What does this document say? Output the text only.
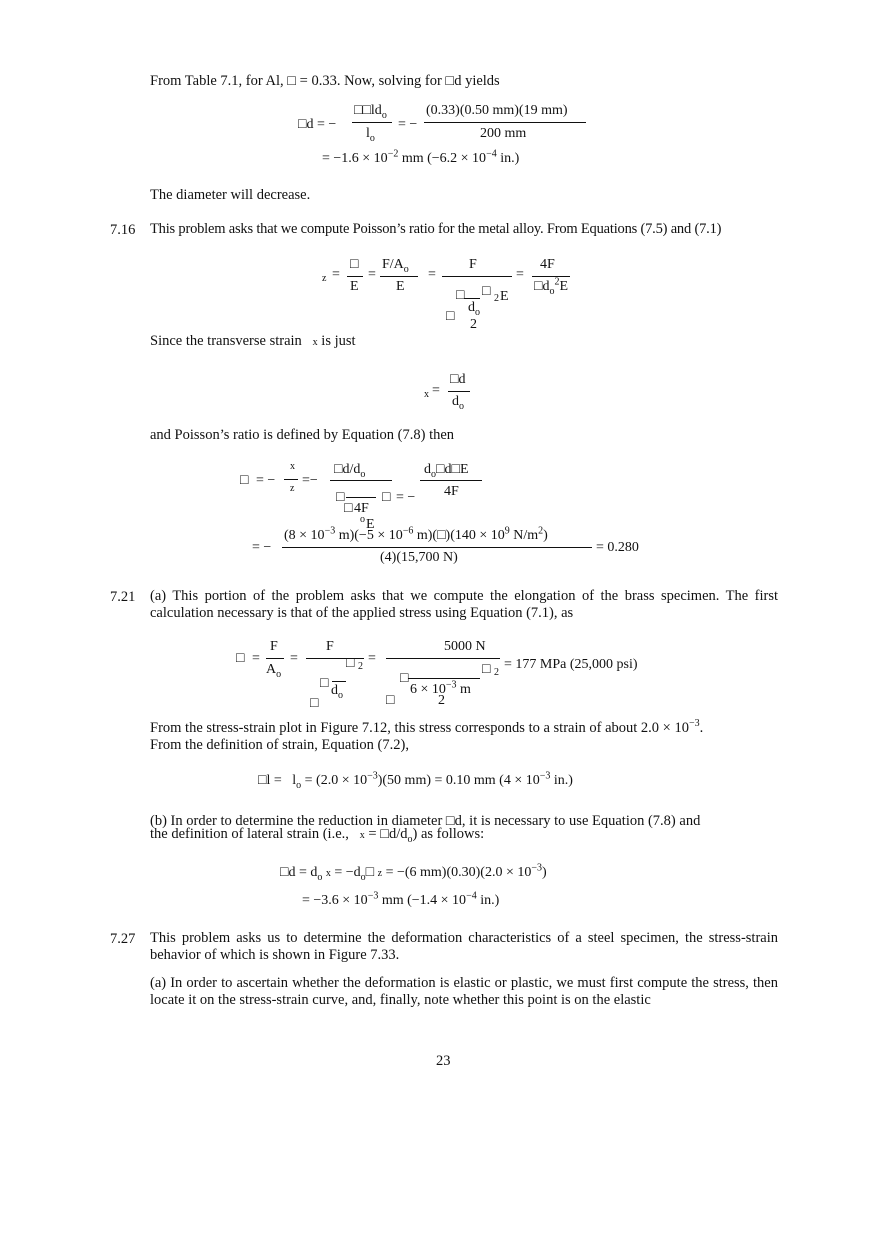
From Table 7.1, for Al, □ = 0.33. Now, solving for □d yields
□d = −
$□□ld_o$
$l_o$
= −
(0.33)(0.50 mm)(19 mm)
200 mm
= $-1.6 \times 10^{-2}$ mm ($-6.2 \times 10^{-4}$ in.)
The diameter will decrease.
7.16 This problem asks that we compute Poisson’s ratio for the metal alloy. From Equations (7.5) and (7.1)
z =
□
E
=
$F/A_o$
E
=
F
□ □ 2 E
□
$d_o$
2
=
4F
$□d_o^2E$
Since the transverse strain x is just
x =
□d
$d_o$
and Poisson’s ratio is defined by Equation (7.8) then
□ = −
x
z
=−
$□d/d_o$
□
□ 4F
o E
□ = −
$d_o□d□E$
4F
= −
($8 \times 10^{-3}$ $m)(-5 \times 10^{-6}$ m)(□)(140 × $10^9$ $N/m^2$)
(4)(15,700 N)
= 0.280
7.21 (a) This portion of the problem asks that we compute the elongation of the brass specimen. The first calculation necessary is that of the applied stress using Equation (7.1), as
□ =
F
$A_o$
=
F
□ 2
□ $d_o$
□
=
5000 N
□ 2
□
$6 \times 10^{-3}$ m
□	2
= 177 MPa (25,000 psi)
From the stress-strain plot in Figure 7.12, this stress corresponds to a strain of about $2.0 \times 10^{-3}$.
From the definition of strain, Equation (7.2),
□l = $l_o = (2.0 \times 10^{-3})(50$ mm) = 0.10 mm ($4 \times 10^{-3}$ in.)
(b) In order to determine the reduction in diameter □d, it is necessary to use Equation (7.8) and
the definition of lateral strain (i.e., $x = □d/d_o$) as follows:
□d = $d_o$ $x = -d_o□$ z = −(6 $mm)(0.30)(2.0 \times 10^{-3})$
= $-3.6 \times 10^{-3}$ mm ($-1.4 \times 10^{-4}$ in.)
7.27 This problem asks us to determine the deformation characteristics of a steel specimen, the stress-strain behavior of which is shown in Figure 7.33.
(a) In order to ascertain whether the deformation is elastic or plastic, we must first compute the stress, then locate it on the stress-strain curve, and, finally, note whether this point is on the elastic
23
